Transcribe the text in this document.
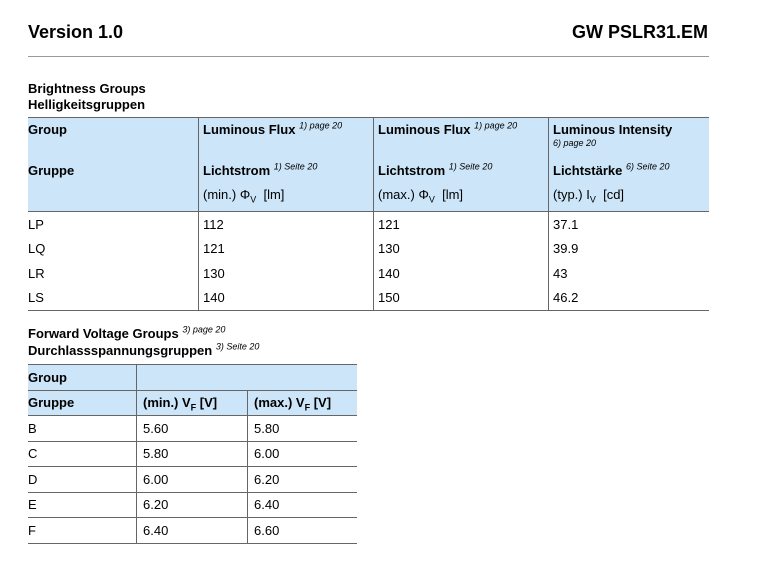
Version 1.0	GW PSLR31.EM
Brightness Groups
Helligkeitsgruppen
Group	Luminous Flux $^{1) page 20}$	Luminous Flux $^{1) page 20}$	Luminous Intensity
6) page 20

Gruppe	Lichtstrom $^{1) Seite 20}$	Lichtstrom $^{1) Seite 20}$	Lichtstärke $^{6) Seite 20}$
	(min.) $\Phi_V$ [lm]	(max.) $\Phi_V$ [lm]	(typ.) $I_V$ [cd]
LP	112	121	37.1
LQ	121	130	39.9
LR	130	140	43
LS	140	150	46.2
Forward Voltage Groups $^{3) page 20}$
Durchlassspannungsgruppen $^{3) Seite 20}$
Group		
Gruppe	(min.) $V_F$ [V]	(max.) $V_F$ [V]
B	5.60	5.80
C	5.80	6.00
D	6.00	6.20
E	6.20	6.40
F	6.40	6.60
